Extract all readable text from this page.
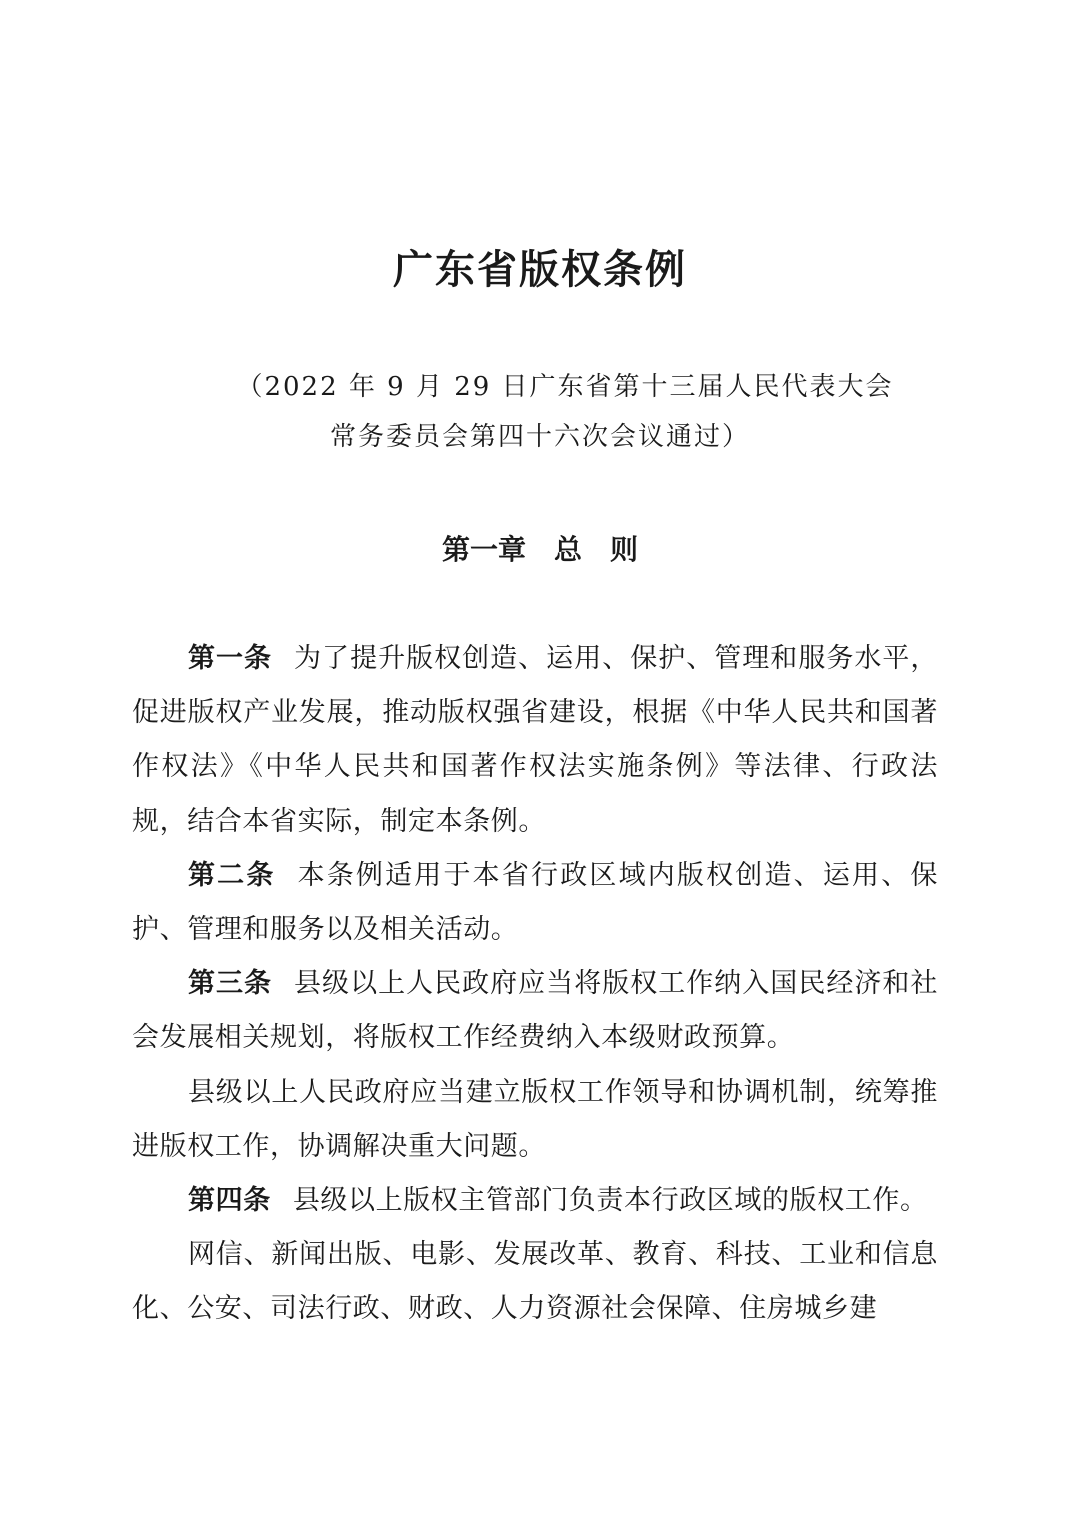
广东省版权条例
（2022 年 9 月 29 日广东省第十三届人民代表大会
常务委员会第四十六次会议通过）
第一章　总　则

第一条 为了提升版权创造、运用、保护、管理和服务水平，促进版权产业发展，推动版权强省建设，根据《中华人民共和国著作权法》《中华人民共和国著作权法实施条例》等法律、行政法规，结合本省实际，制定本条例。

第二条 本条例适用于本省行政区域内版权创造、运用、保护、管理和服务以及相关活动。

第三条 县级以上人民政府应当将版权工作纳入国民经济和社会发展相关规划，将版权工作经费纳入本级财政预算。

县级以上人民政府应当建立版权工作领导和协调机制，统筹推进版权工作，协调解决重大问题。

第四条 县级以上版权主管部门负责本行政区域的版权工作。

网信、新闻出版、电影、发展改革、教育、科技、工业和信息化、公安、司法行政、财政、人力资源社会保障、住房城乡建
